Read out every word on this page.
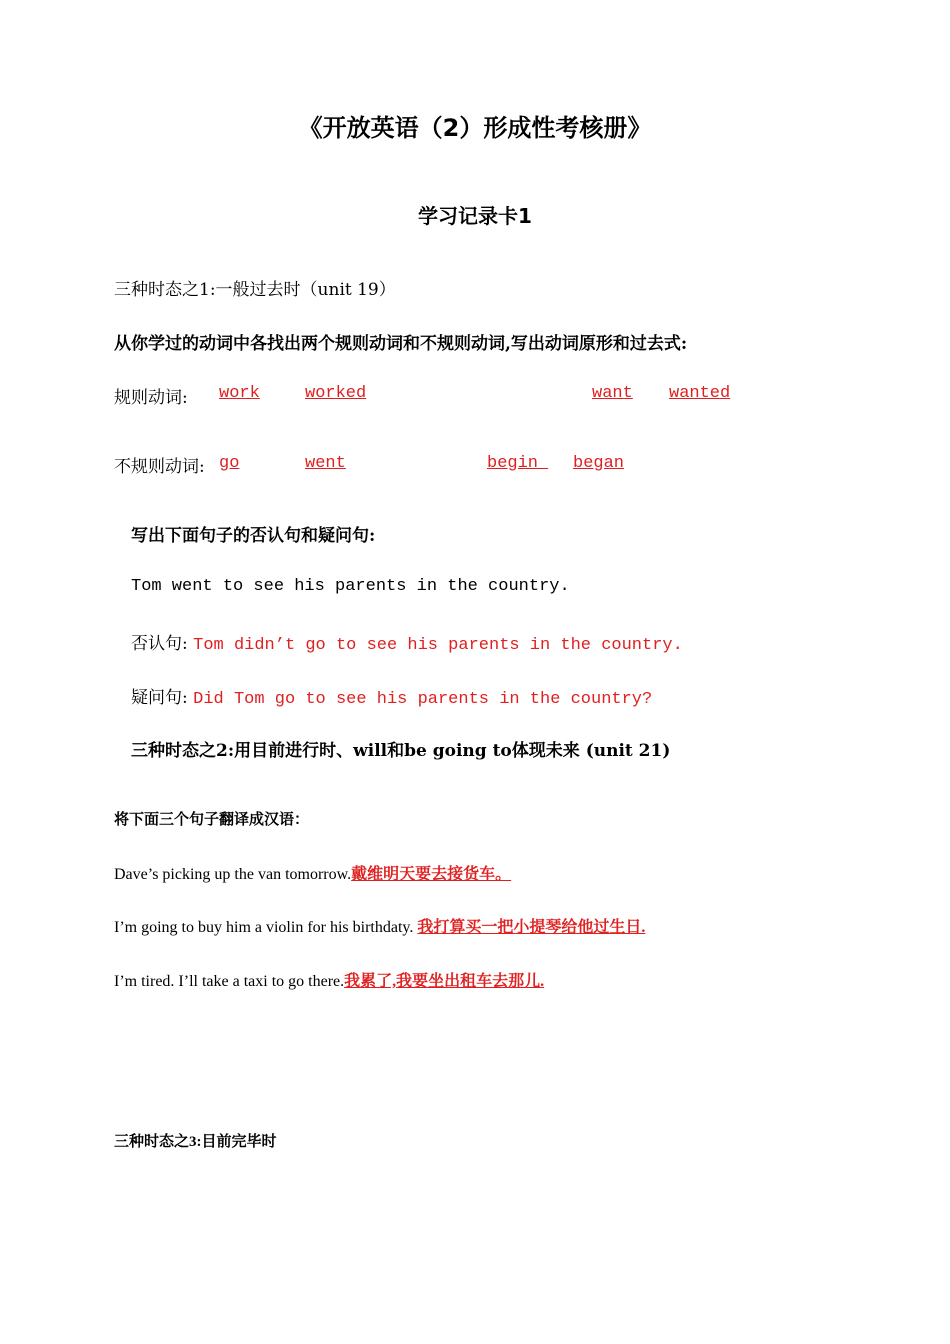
《开放英语（2）形成性考核册》
学习记录卡1
三种时态之1:一般过去时（unit 19）
从你学过的动词中各找出两个规则动词和不规则动词,写出动词原形和过去式:
规则动词: work	worked	want wanted
不规则动词: go	went	begin began
写出下面句子的否认句和疑问句:
Tom went to see his parents in the country.
否认句: Tom didn’t go to see his parents in the country.
疑问句: Did Tom go to see his parents in the country?
三种时态之2:用目前进行时、will和be going to体现未来 (unit 21)
将下面三个句子翻译成汉语：
Dave’s picking up the van tomorrow.戴维明天要去接货车。
I’m going to buy him a violin for his birthdaty. 我打算买一把小提琴给他过生日.
I’m tired. I’ll take a taxi to go there.我累了,我要坐出租车去那儿.
三种时态之3:目前完毕时
